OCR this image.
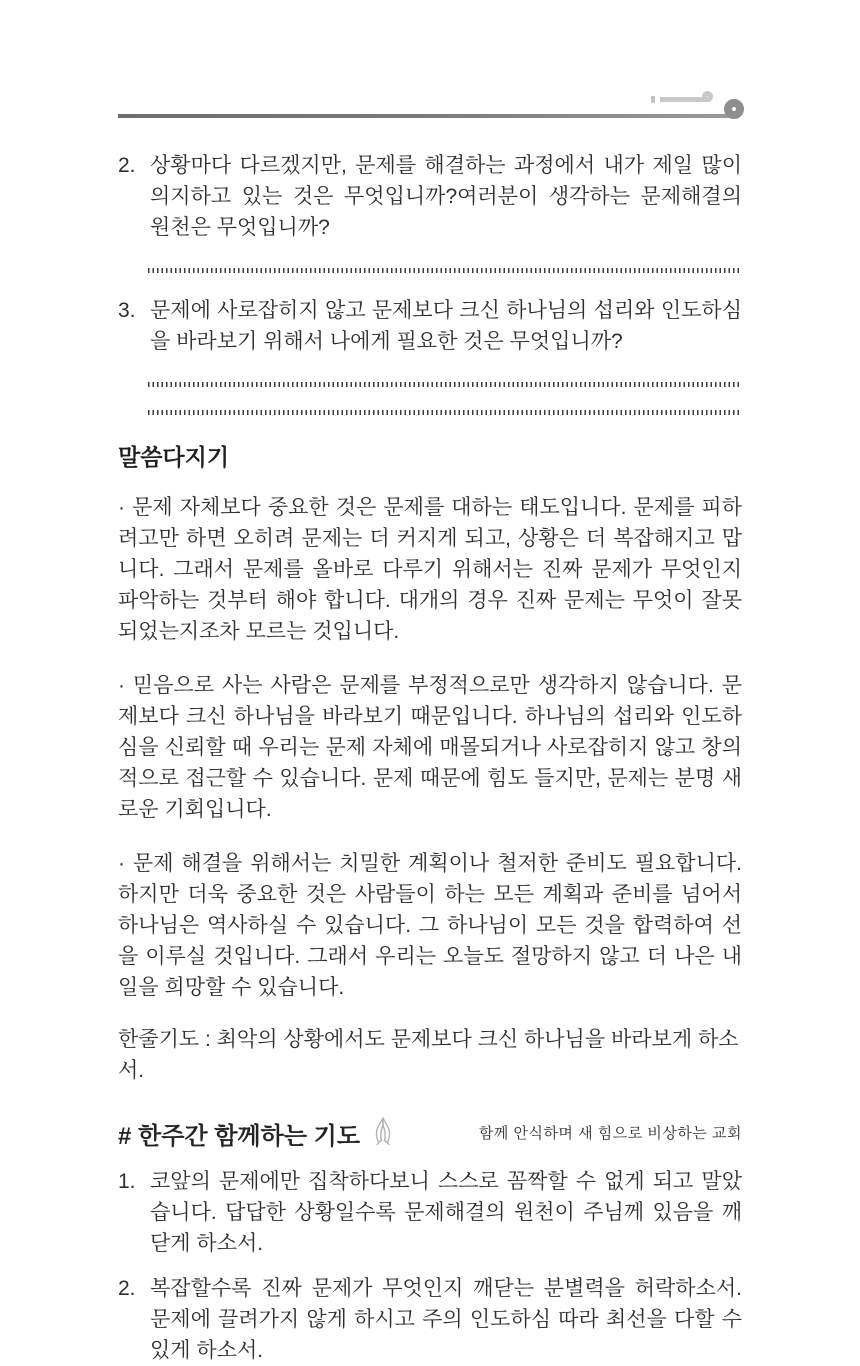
2. 상황마다 다르겠지만, 문제를 해결하는 과정에서 내가 제일 많이 의지하고 있는 것은 무엇입니까?여러분이 생각하는 문제해결의 원천은 무엇입니까?
3. 문제에 사로잡히지 않고 문제보다 크신 하나님의 섭리와 인도하심을 바라보기 위해서 나에게 필요한 것은 무엇입니까?
말씀다지기
· 문제 자체보다 중요한 것은 문제를 대하는 태도입니다. 문제를 피하려고만 하면 오히려 문제는 더 커지게 되고, 상황은 더 복잡해지고 맙니다. 그래서 문제를 올바로 다루기 위해서는 진짜 문제가 무엇인지 파악하는 것부터 해야 합니다. 대개의 경우 진짜 문제는 무엇이 잘못되었는지조차 모르는 것입니다.
· 믿음으로 사는 사람은 문제를 부정적으로만 생각하지 않습니다. 문제보다 크신 하나님을 바라보기 때문입니다. 하나님의 섭리와 인도하심을 신뢰할 때 우리는 문제 자체에 매몰되거나 사로잡히지 않고 창의적으로 접근할 수 있습니다. 문제 때문에 힘도 들지만, 문제는 분명 새로운 기회입니다.
· 문제 해결을 위해서는 치밀한 계획이나 철저한 준비도 필요합니다. 하지만 더욱 중요한 것은 사람들이 하는 모든 계획과 준비를 넘어서 하나님은 역사하실 수 있습니다. 그 하나님이 모든 것을 합력하여 선을 이루실 것입니다. 그래서 우리는 오늘도 절망하지 않고 더 나은 내일을 희망할 수 있습니다.
한줄기도 : 최악의 상황에서도 문제보다 크신 하나님을 바라보게 하소서.
# 한주간 함께하는 기도
1. 코앞의 문제에만 집착하다보니 스스로 꼼짝할 수 없게 되고 말았습니다. 답답한 상황일수록 문제해결의 원천이 주님께 있음을 깨닫게 하소서.
2. 복잡할수록 진짜 문제가 무엇인지 깨닫는 분별력을 허락하소서. 문제에 끌려가지 않게 하시고 주의 인도하심 따라 최선을 다할 수있게 하소서.
함께 안식하며 새 힘으로 비상하는 교회
